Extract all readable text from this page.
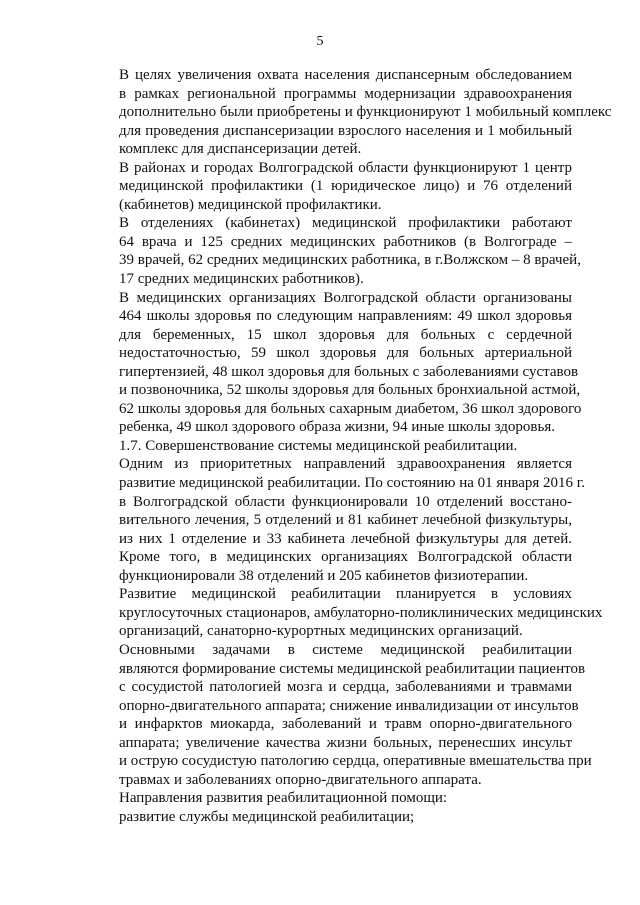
5
В целях увеличения охвата населения диспансерным обследованием
в рамках региональной программы модернизации здравоохранения
дополнительно были приобретены и функционируют 1 мобильный комплекс
для проведения диспансеризации взрослого населения и 1 мобильный
комплекс для диспансеризации детей.
В районах и городах Волгоградской области функционируют 1 центр
медицинской профилактики (1 юридическое лицо) и 76 отделений
(кабинетов) медицинской профилактики.
В отделениях (кабинетах) медицинской профилактики работают
64 врача и 125 средних медицинских работников (в Волгограде –
39 врачей, 62 средних медицинских работника, в г.Волжском – 8 врачей,
17 средних медицинских работников).
В медицинских организациях Волгоградской области организованы
464 школы здоровья по следующим направлениям: 49 школ здоровья
для беременных, 15 школ здоровья для больных с сердечной
недостаточностью, 59 школ здоровья для больных артериальной
гипертензией, 48 школ здоровья для больных с заболеваниями суставов
и позвоночника, 52 школы здоровья для больных бронхиальной астмой,
62 школы здоровья для больных сахарным диабетом, 36 школ здорового
ребенка, 49 школ здорового образа жизни, 94 иные школы здоровья.
1.7. Совершенствование системы медицинской реабилитации.
Одним из приоритетных направлений здравоохранения является
развитие медицинской реабилитации. По состоянию на 01 января 2016 г.
в Волгоградской области функционировали 10 отделений восстано-
вительного лечения, 5 отделений и 81 кабинет лечебной физкультуры,
из них 1 отделение и 33 кабинета лечебной физкультуры для детей.
Кроме того, в медицинских организациях Волгоградской области
функционировали 38 отделений и 205 кабинетов физиотерапии.
Развитие медицинской реабилитации планируется в условиях
круглосуточных стационаров, амбулаторно-поликлинических медицинских
организаций, санаторно-курортных медицинских организаций.
Основными задачами в системе медицинской реабилитации
являются формирование системы медицинской реабилитации пациентов
с сосудистой патологией мозга и сердца, заболеваниями и травмами
опорно-двигательного аппарата; снижение инвалидизации от инсультов
и инфарктов миокарда, заболеваний и травм опорно-двигательного
аппарата; увеличение качества жизни больных, перенесших инсульт
и острую сосудистую патологию сердца, оперативные вмешательства при
травмах и заболеваниях опорно-двигательного аппарата.
Направления развития реабилитационной помощи:
развитие службы медицинской реабилитации;
